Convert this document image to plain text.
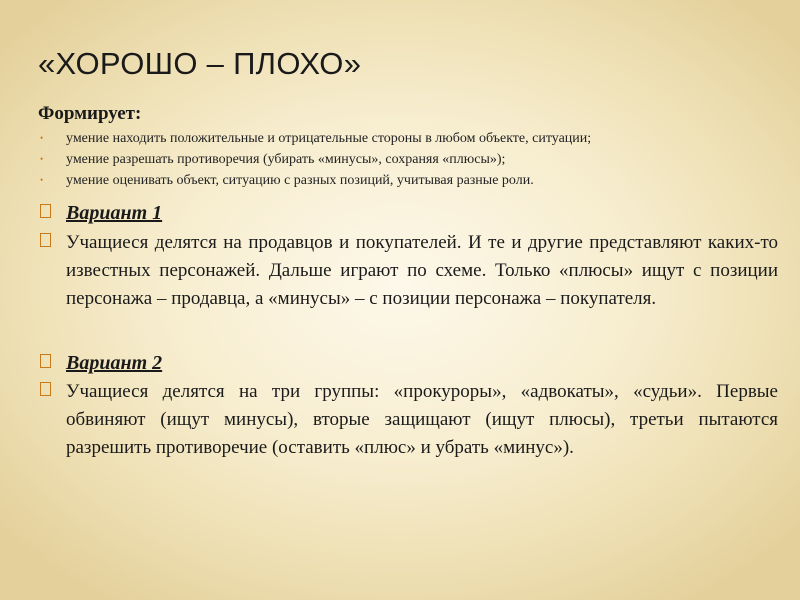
«ХОРОШО – ПЛОХО»
Формирует:
• умение находить положительные и отрицательные стороны в любом объекте, ситуации;
• умение разрешать противоречия (убирать «минусы», сохраняя «плюсы»);
• умение оценивать объект, ситуацию с разных позиций, учитывая разные роли.
Вариант 1
Учащиеся делятся на продавцов и покупателей. И те и другие представляют каких-то известных персонажей. Дальше играют по схеме. Только «плюсы» ищут с позиции персонажа – продавца, а «минусы» – с позиции персонажа – покупателя.
Вариант 2
Учащиеся делятся на три группы: «прокуроры», «адвокаты», «судьи». Первые обвиняют (ищут минусы), вторые защищают (ищут плюсы), третьи пытаются разрешить противоречие (оставить «плюс» и убрать «минус»).
